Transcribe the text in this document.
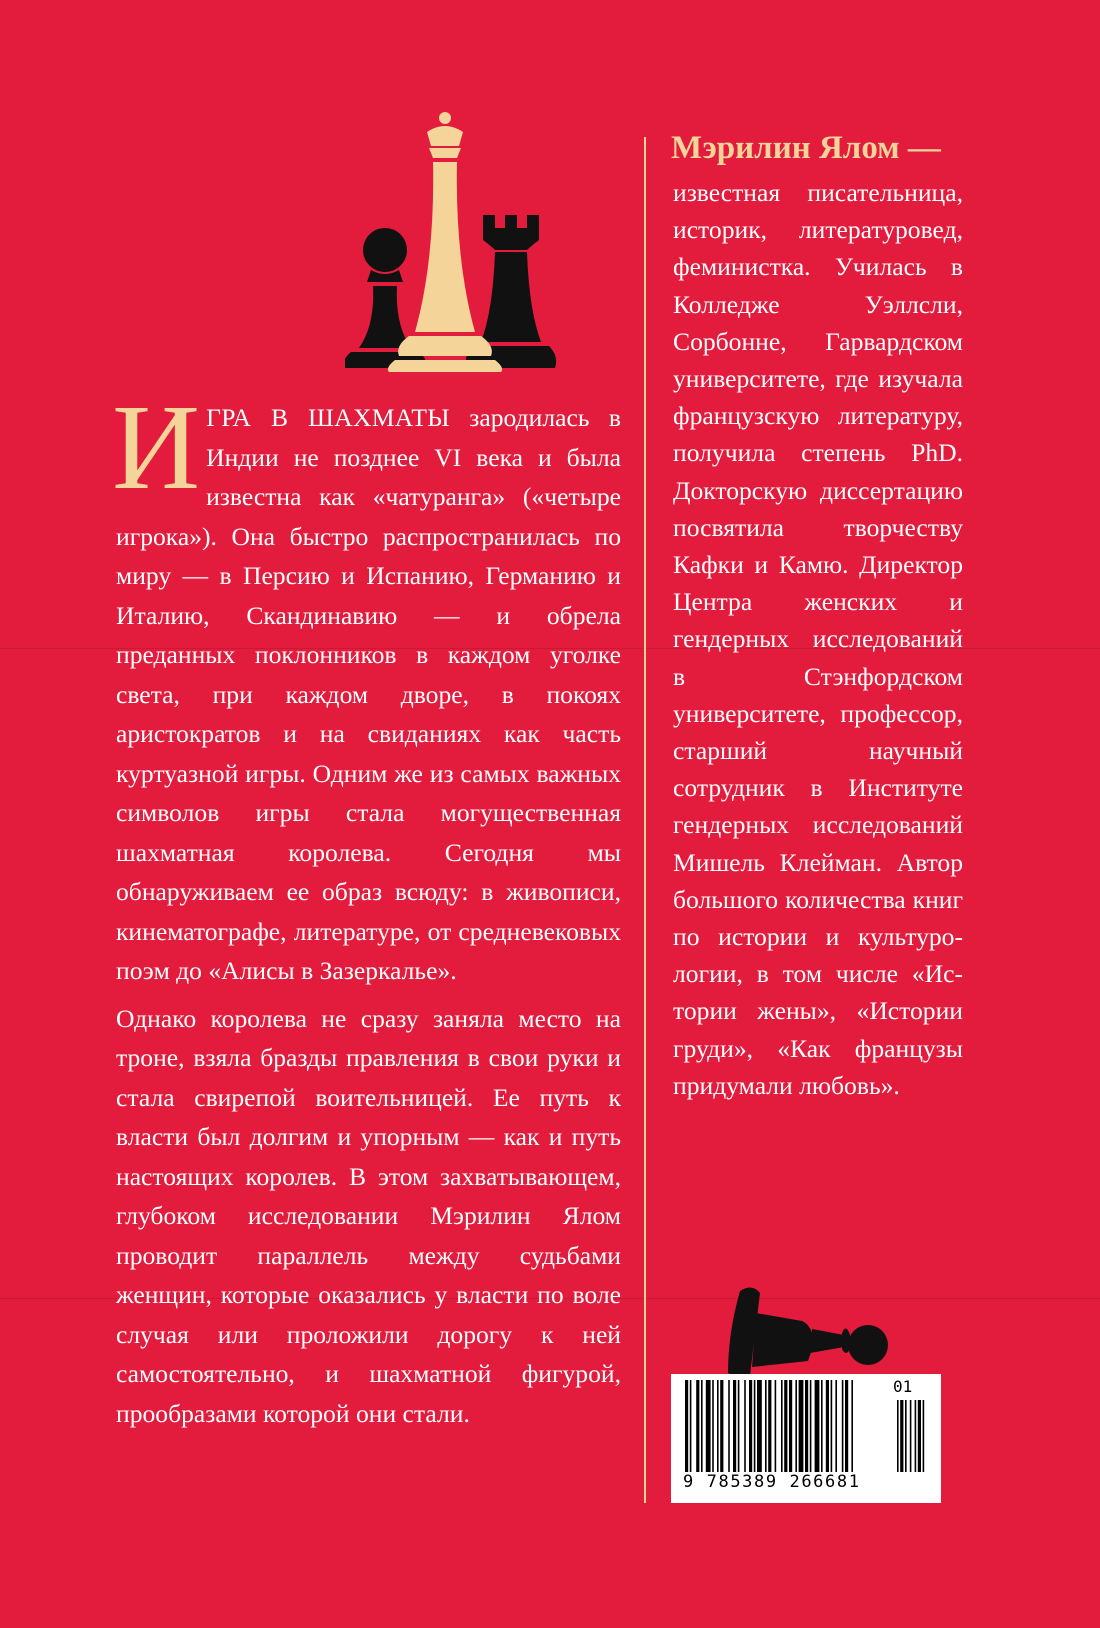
ИГРА В ШАХМАТЫ зародилась в Индии не позднее VI века и была известна как «чатуранга» («четыре игрока»). Она быстро распространилась по миру — в Персию и Испанию, Германию и Италию, Скандинавию — и обрела преданных поклонников в каждом уголке света, при каждом дворе, в покоях аристократов и на свиданиях как часть куртуазной игры. Одним же из самых важных символов игры стала могущественная шахматная королева. Сегодня мы обнаруживаем ее образ всюду: в живописи, кинематографе, литературе, от средневековых поэм до «Алисы в Зазеркалье».

Однако королева не сразу заняла место на троне, взяла бразды правления в свои руки и стала свирепой воительницей. Ее путь к власти был долгим и упорным — как и путь настоящих королев. В этом захватывающем, глубоком исследовании Мэрилин Ялом проводит параллель между судьбами женщин, которые оказались у власти по воле случая или проложили дорогу к ней самостоятельно, и шахматной фигурой, прообразами которой они стали.

Мэрилин Ялом —
известная писательница, историк, литературовед, феминистка. Училась в Колледже Уэллсли, Сорбонне, Гарвардском университете, где изучала французскую литературу, получила степень PhD. Докторскую диссертацию посвятила творчеству Кафки и Камю. Директор Центра женских и гендерных исследований в Стэнфордском университете, профессор, старший научный сотрудник в Институте гендерных исследований Мишель Клейман. Автор большого количества книг по истории и культурологии, в том числе «Истории жены», «Истории груди», «Как французы придумали любовь».
9 785389 266681
01
